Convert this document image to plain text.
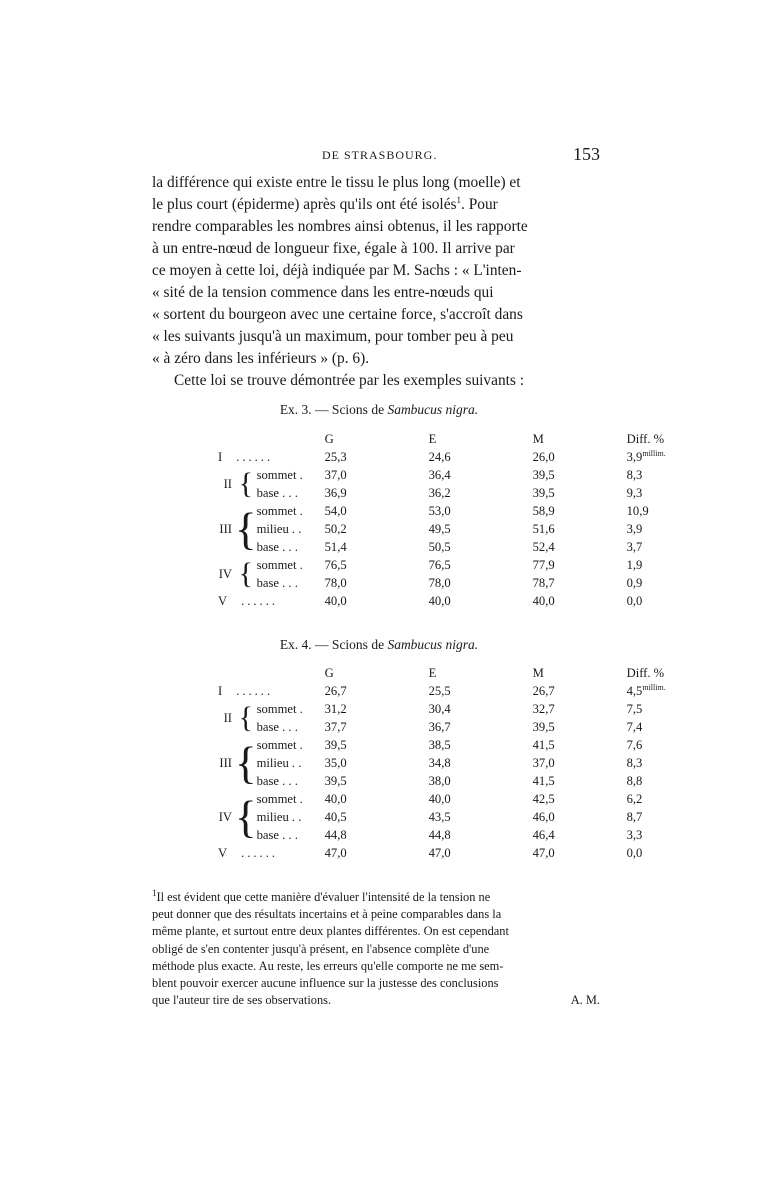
DE STRASBOURG.	153

la différence qui existe entre le tissu le plus long (moelle) et

le plus court (épiderme) après qu'ils ont été isolés$^1$. Pour

rendre comparables les nombres ainsi obtenus, il les rapporte

à un entre-nœud de longueur fixe, égale à 100. Il arrive par

ce moyen à cette loi, déjà indiquée par M. Sachs : « L'inten-

« sité de la tension commence dans les entre-nœuds qui

« sortent du bourgeon avec une certaine force, s'accroît dans

« les suivants jusqu'à un maximum, pour tomber peu à peu

« à zéro dans les inférieurs » (p. 6).

Cette loi se trouve démontrée par les exemples suivants :

Ex. 3. — Scions de Sambucus nigra.
			G	E	M	Diff. %
I ......			25,3	24,6	26,0	$3,9^{millim.}$
II	{	sommet .	37,0	36,4	39,5	8,3
		base . . .	36,9	36,2	39,5	9,3
III	{	sommet .	54,0	53,0	58,9	10,9
		milieu . .	50,2	49,5	51,6	3,9
		base . . .	51,4	50,5	52,4	3,7
IV	{	sommet .	76,5	76,5	77,9	1,9
		base . . .	78,0	78,0	78,7	0,9
V ......			40,0	40,0	40,0	0,0
Ex. 4. — Scions de Sambucus nigra.
			G	E	M	Diff. %
I ......			26,7	25,5	26,7	$4,5^{millim.}$
II	{	sommet .	31,2	30,4	32,7	7,5
		base . . .	37,7	36,7	39,5	7,4
III	{	sommet .	39,5	38,5	41,5	7,6
		milieu . .	35,0	34,8	37,0	8,3
		base . . .	39,5	38,0	41,5	8,8
IV	{	sommet .	40,0	40,0	42,5	6,2
		milieu . .	40,5	43,5	46,0	8,7
		base . . .	44,8	44,8	46,4	3,3
V ......			47,0	47,0	47,0	0,0

$^1$Il est évident que cette manière d'évaluer l'intensité de la tension ne

peut donner que des résultats incertains et à peine comparables dans la

même plante, et surtout entre deux plantes différentes. On est cependant

obligé de s'en contenter jusqu'à présent, en l'absence complète d'une

méthode plus exacte. Au reste, les erreurs qu'elle comporte ne me sem-

blent pouvoir exercer aucune influence sur la justesse des conclusions

que l'auteur tire de ses observations.	A. M.
